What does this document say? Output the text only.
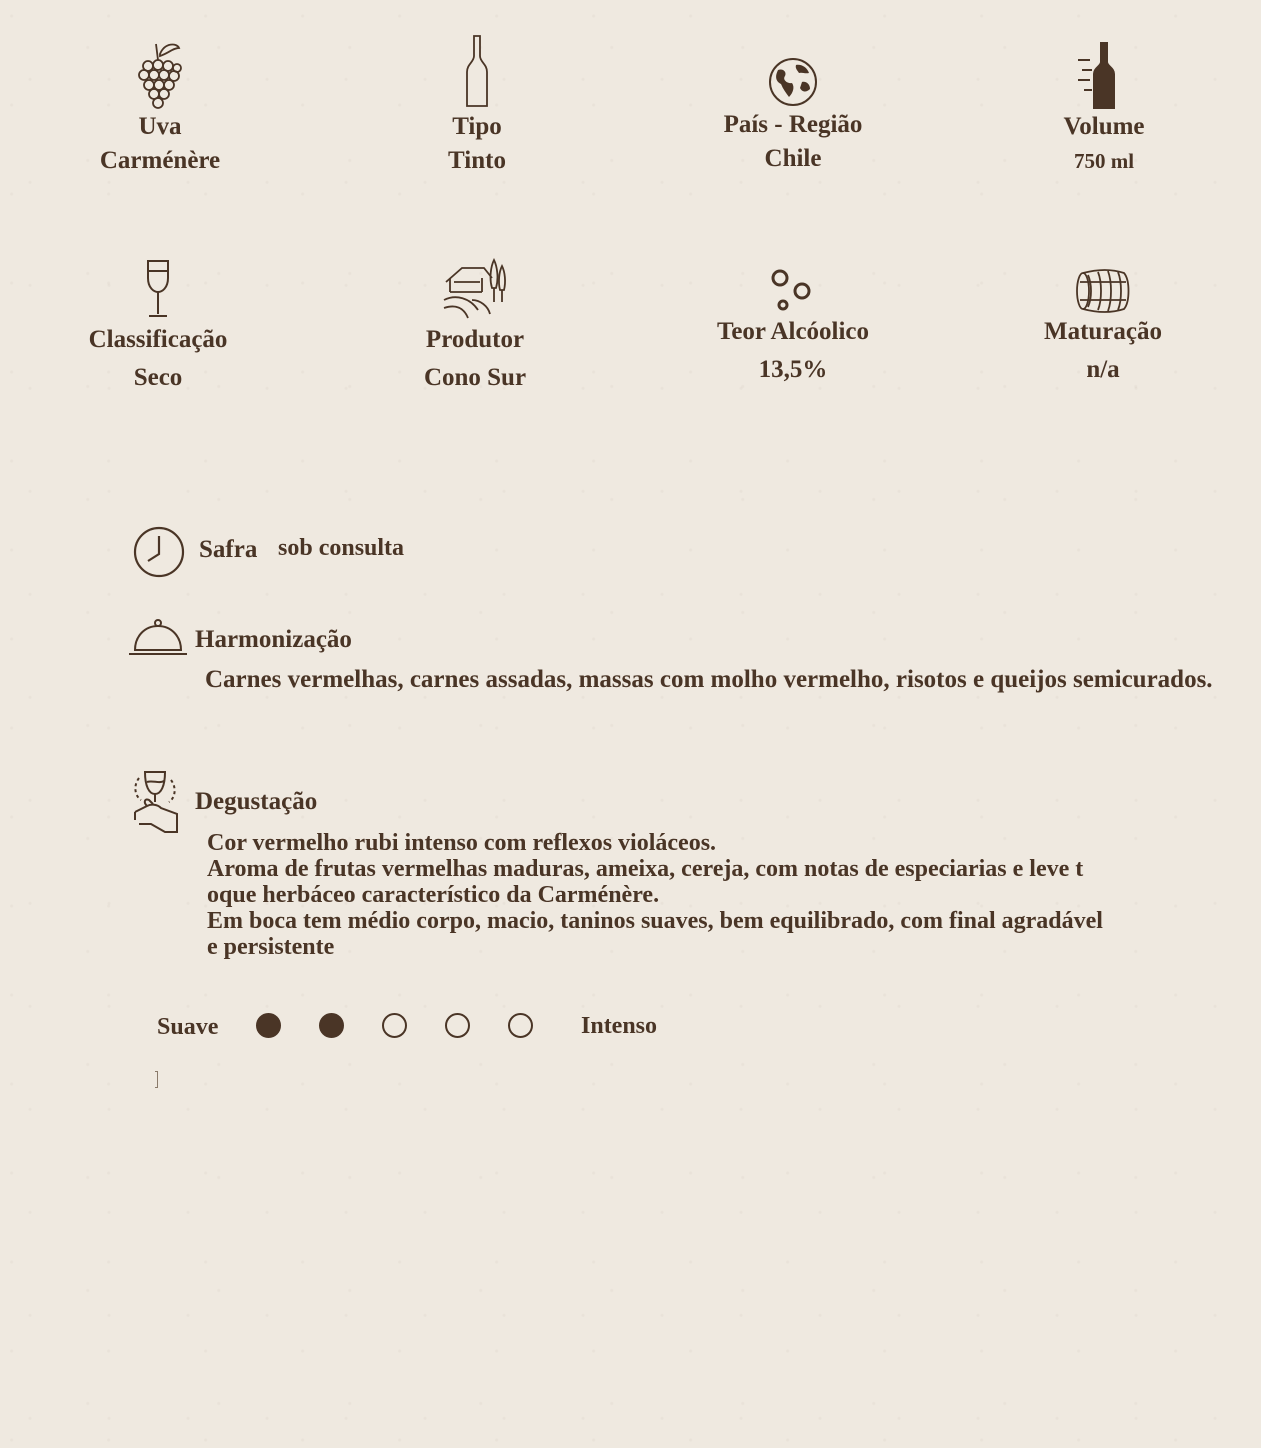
Uva
Carménère
Tipo
Tinto
País - Região
Chile
Volume
750 ml
Classificação
Seco
Produtor
Cono Sur
Teor Alcóolico
13,5%
Maturação
n/a
Safra sob consulta
Harmonização
Carnes vermelhas, carnes assadas, massas com molho vermelho, risotos e queijos semicurados.
Degustação
Cor vermelho rubi intenso com reflexos violáceos.
Aroma de frutas vermelhas maduras, ameixa, cereja, com notas de especiarias e leve t
oque herbáceo característico da Carménère.
Em boca tem médio corpo, macio, taninos suaves, bem equilibrado, com final agradável
e persistente
Suave	Intenso
